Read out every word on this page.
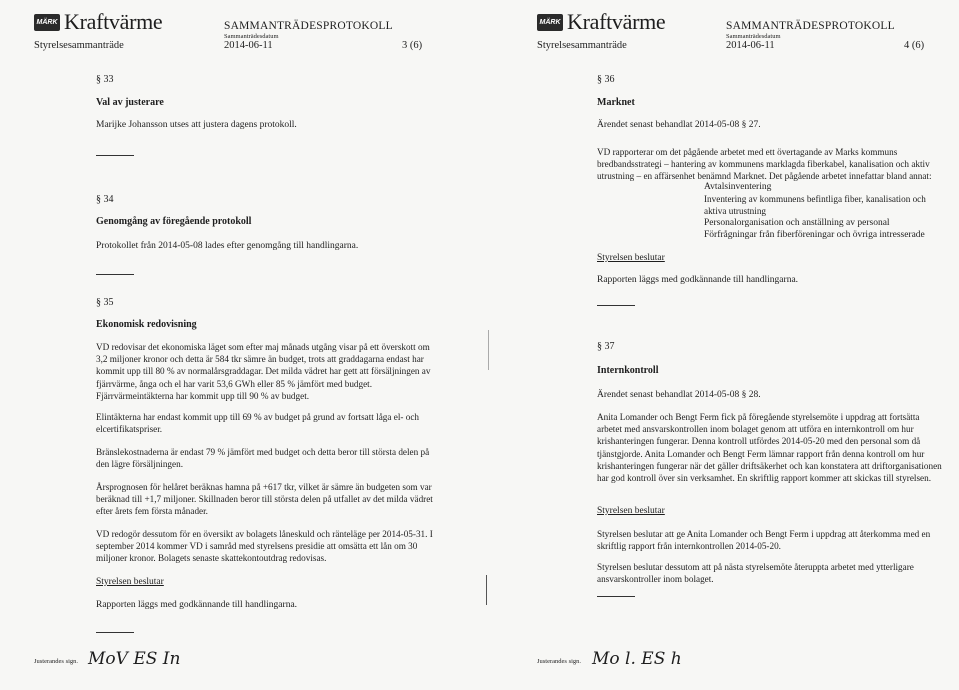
MÄRK Kraftvärme	SAMMANTRÄDESPROTOKOLL
Sammanträdesdatum
Styrelsesammanträde	2014-06-11	3 (6)
§ 33
Val av justerare
Marijke Johansson utses att justera dagens protokoll.
§ 34
Genomgång av föregående protokoll
Protokollet från 2014-05-08 lades efter genomgång till handlingarna.
§ 35
Ekonomisk redovisning
VD redovisar det ekonomiska läget som efter maj månads utgång visar på ett överskott om 3,2 miljoner kronor och detta är 584 tkr sämre än budget, trots att graddagarna endast har kommit upp till 80 % av normalårsgraddagar. Det milda vädret har gett att försäljningen av fjärrvärme, ånga och el har varit 53,6 GWh eller 85 % jämfört med budget. Fjärrvärmeintäkterna har kommit upp till 90 % av budget.
Elintäkterna har endast kommit upp till 69 % av budget på grund av fortsatt låga el- och elcertifikatspriser.
Bränslekostnaderna är endast 79 % jämfört med budget och detta beror till största delen på den lägre försäljningen.
Årsprognosen för helåret beräknas hamna på +617 tkr, vilket är sämre än budgeten som var beräknad till +1,7 miljoner. Skillnaden beror till största delen på utfallet av det milda vädret efter årets fem första månader.
VD redogör dessutom för en översikt av bolagets låneskuld och ränteläge per 2014-05-31. I september 2014 kommer VD i samråd med styrelsens presidie att omsätta ett lån om 30 miljoner kronor. Bolagets senaste skattekontoutdrag redovisas.
Styrelsen beslutar
Rapporten läggs med godkännande till handlingarna.
Justerandes sign. MoV ES In
MÄRK Kraftvärme	SAMMANTRÄDESPROTOKOLL
Sammanträdesdatum
Styrelsesammanträde	2014-06-11	4 (6)
§ 36
Marknet
Ärendet senast behandlat 2014-05-08 § 27.
VD rapporterar om det pågående arbetet med ett övertagande av Marks kommuns bredbandsstrategi – hantering av kommunens marklagda fiberkabel, kanalisation och aktiv utrustning – en affärsenhet benämnd Marknet. Det pågående arbetet innefattar bland annat:
Avtalsinventering
Inventering av kommunens befintliga fiber, kanalisation och aktiva utrustning
Personalorganisation och anställning av personal
Förfrågningar från fiberföreningar och övriga intresserade
Styrelsen beslutar
Rapporten läggs med godkännande till handlingarna.
§ 37
Internkontroll
Ärendet senast behandlat 2014-05-08 § 28.
Anita Lomander och Bengt Ferm fick på föregående styrelsemöte i uppdrag att fortsätta arbetet med ansvarskontrollen inom bolaget genom att utföra en internkontroll om hur krishanteringen fungerar. Denna kontroll utfördes 2014-05-20 med den personal som då tjänstgjorde. Anita Lomander och Bengt Ferm lämnar rapport från denna kontroll om hur krishanteringen fungerar när det gäller driftsäkerhet och kan konstatera att driftorganisationen har god kontroll över sin verksamhet. En skriftlig rapport kommer att skickas till styrelsen.
Styrelsen beslutar
Styrelsen beslutar att ge Anita Lomander och Bengt Ferm i uppdrag att återkomma med en skriftlig rapport från internkontrollen 2014-05-20.
Styrelsen beslutar dessutom att på nästa styrelsemöte återuppta arbetet med ytterligare ansvarskontroller inom bolaget.
Justerandes sign. Mo l. ES h
